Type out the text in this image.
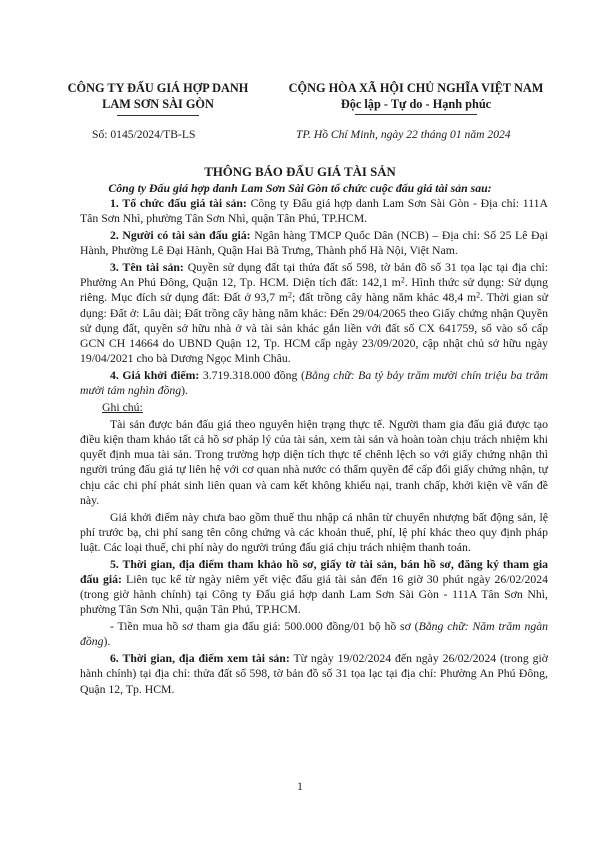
CÔNG TY ĐẤU GIÁ HỢP DANH
LAM SƠN SÀI GÒN
CỘNG HÒA XÃ HỘI CHỦ NGHĨA VIỆT NAM
Độc lập - Tự do - Hạnh phúc
Số: 0145/2024/TB-LS	TP. Hồ Chí Minh, ngày 22 tháng 01 năm 2024
THÔNG BÁO ĐẤU GIÁ TÀI SẢN
Công ty Đấu giá hợp danh Lam Sơn Sài Gòn tổ chức cuộc đấu giá tài sản sau:

1. Tổ chức đấu giá tài sản: Công ty Đấu giá hợp danh Lam Sơn Sài Gòn - Địa chỉ: 111A Tân Sơn Nhì, phường Tân Sơn Nhì, quận Tân Phú, TP.HCM.

2. Người có tài sản đấu giá: Ngân hàng TMCP Quốc Dân (NCB) – Địa chỉ: Số 25 Lê Đại Hành, Phường Lê Đại Hành, Quận Hai Bà Trưng, Thành phố Hà Nội, Việt Nam.

3. Tên tài sản: Quyền sử dụng đất tại thửa đất số 598, tờ bản đồ số 31 tọa lạc tại địa chỉ: Phường An Phú Đông, Quận 12, Tp. HCM. Diện tích đất: 142,1 $m^2$. Hình thức sử dụng: Sử dụng riêng. Mục đích sử dụng đất: Đất ở 93,7 $m^2$; đất trồng cây hàng năm khác 48,4 $m^2$. Thời gian sử dụng: Đất ở: Lâu dài; Đất trồng cây hàng năm khác: Đến 29/04/2065 theo Giấy chứng nhận Quyền sử dụng đất, quyền sở hữu nhà ở và tài sản khác gắn liền với đất số CX 641759, số vào sổ cấp GCN CH 14664 do UBND Quận 12, Tp. HCM cấp ngày 23/09/2020, cập nhật chủ sở hữu ngày 19/04/2021 cho bà Dương Ngọc Minh Châu.

4. Giá khởi điểm: 3.719.318.000 đồng (Bằng chữ: Ba tỷ bảy trăm mười chín triệu ba trăm mười tám nghìn đồng).

Ghi chú:

Tài sản được bán đấu giá theo nguyên hiện trạng thực tế. Người tham gia đấu giá được tạo điều kiện tham khảo tất cả hồ sơ pháp lý của tài sản, xem tài sản và hoàn toàn chịu trách nhiệm khi quyết định mua tài sản. Trong trường hợp diện tích thực tế chênh lệch so với giấy chứng nhận thì người trúng đấu giá tự liên hệ với cơ quan nhà nước có thẩm quyền để cấp đổi giấy chứng nhận, tự chịu các chi phí phát sinh liên quan và cam kết không khiếu nại, tranh chấp, khởi kiện về vấn đề này.

Giá khởi điểm này chưa bao gồm thuế thu nhập cá nhân từ chuyển nhượng bất động sản, lệ phí trước bạ, chi phí sang tên công chứng và các khoản thuế, phí, lệ phí khác theo quy định pháp luật. Các loại thuế, chi phí này do người trúng đấu giá chịu trách nhiệm thanh toán.

5. Thời gian, địa điểm tham khảo hồ sơ, giấy tờ tài sản, bán hồ sơ, đăng ký tham gia đấu giá: Liên tục kể từ ngày niêm yết việc đấu giá tài sản đến 16 giờ 30 phút ngày 26/02/2024 (trong giờ hành chính) tại Công ty Đấu giá hợp danh Lam Sơn Sài Gòn - 111A Tân Sơn Nhì, phường Tân Sơn Nhì, quận Tân Phú, TP.HCM.

- Tiền mua hồ sơ tham gia đấu giá: 500.000 đồng/01 bộ hồ sơ (Bằng chữ: Năm trăm ngàn đồng).

6. Thời gian, địa điểm xem tài sản: Từ ngày 19/02/2024 đến ngày 26/02/2024 (trong giờ hành chính) tại địa chỉ: thửa đất số 598, tờ bản đồ số 31 tọa lạc tại địa chỉ: Phường An Phú Đông, Quận 12, Tp. HCM.

1
